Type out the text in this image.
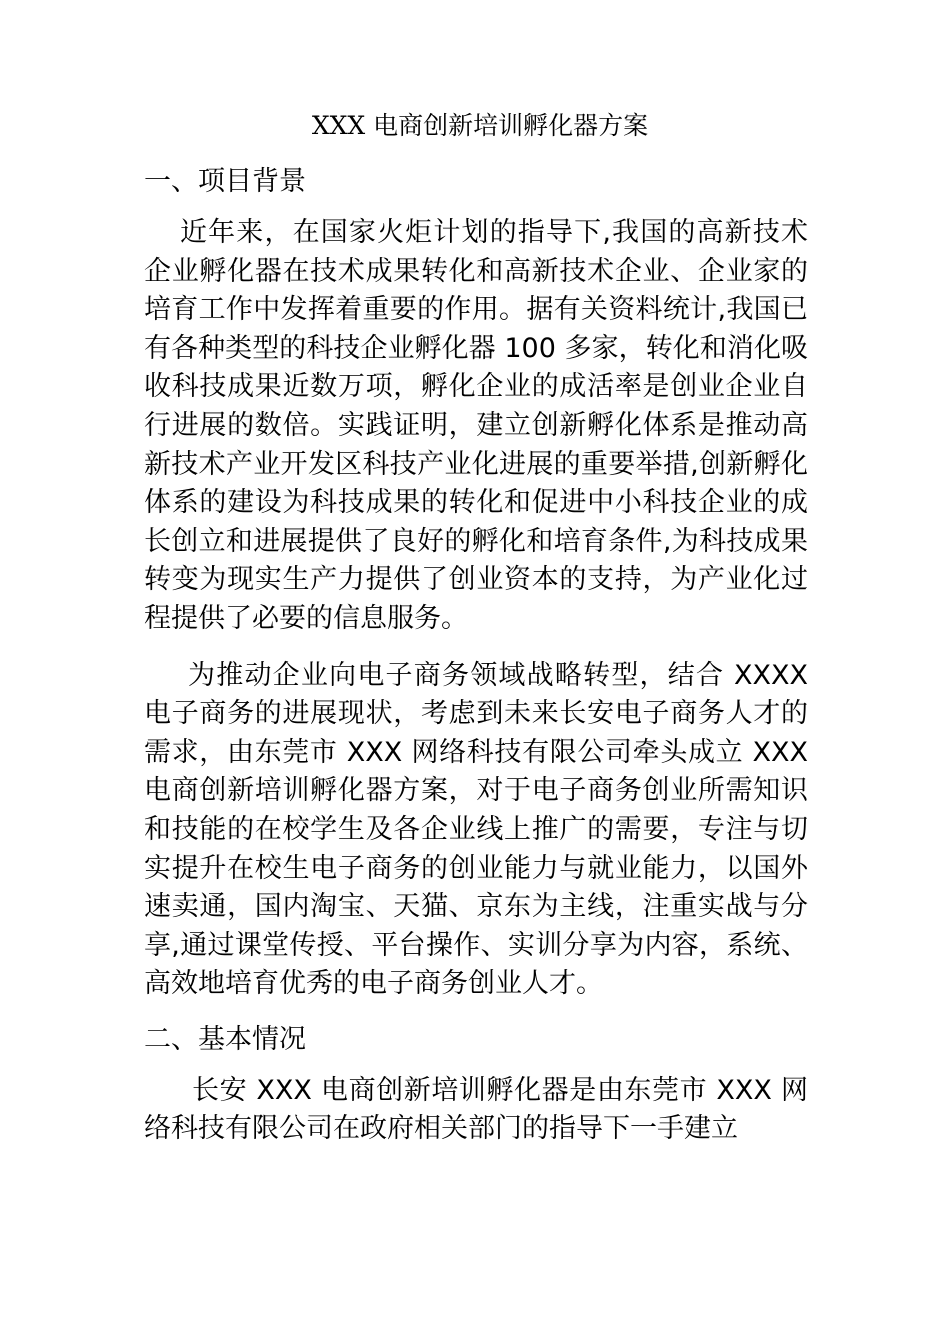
XXX 电商创新培训孵化器方案
一、项目背景

近年来，在国家火炬计划的指导下,我国的高新技术企业孵化器在技术成果转化和高新技术企业、企业家的培育工作中发挥着重要的作用。据有关资料统计,我国已有各种类型的科技企业孵化器 100 多家，转化和消化吸收科技成果近数万项，孵化企业的成活率是创业企业自行进展的数倍。实践证明，建立创新孵化体系是推动高新技术产业开发区科技产业化进展的重要举措,创新孵化体系的建设为科技成果的转化和促进中小科技企业的成长创立和进展提供了良好的孵化和培育条件,为科技成果转变为现实生产力提供了创业资本的支持，为产业化过程提供了必要的信息服务。

为推动企业向电子商务领域战略转型，结合 XXXX 电子商务的进展现状，考虑到未来长安电子商务人才的需求，由东莞市 XXX 网络科技有限公司牵头成立 XXX 电商创新培训孵化器方案，对于电子商务创业所需知识和技能的在校学生及各企业线上推广的需要，专注与切实提升在校生电子商务的创业能力与就业能力，以国外速卖通，国内淘宝、天猫、京东为主线，注重实战与分享,通过课堂传授、平台操作、实训分享为内容，系统、高效地培育优秀的电子商务创业人才。

二、基本情况

长安 XXX 电商创新培训孵化器是由东莞市 XXX 网络科技有限公司在政府相关部门的指导下一手建立
